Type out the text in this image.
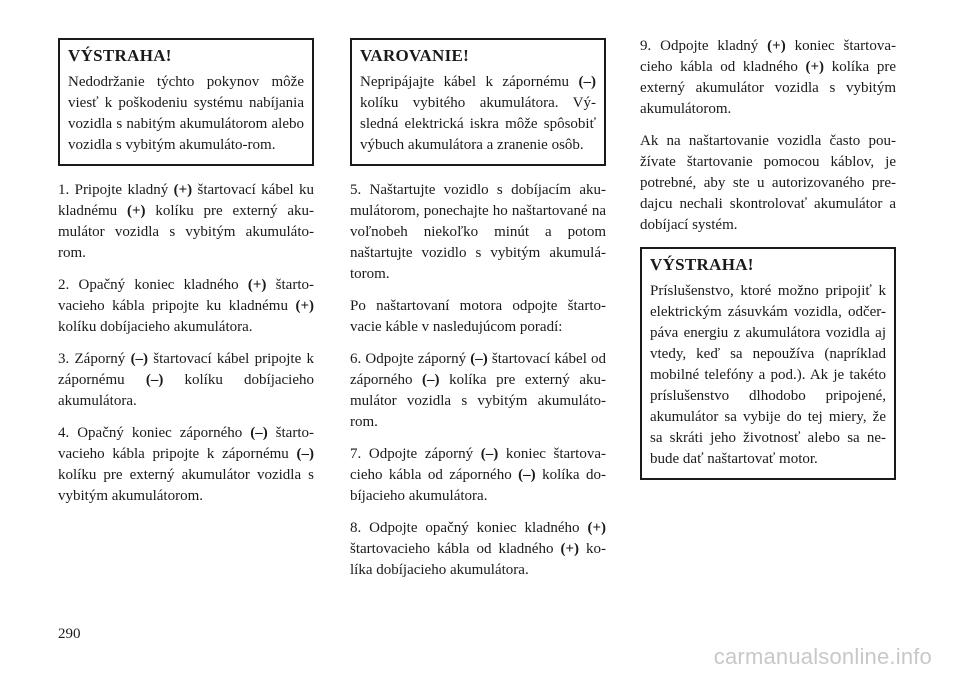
VÝSTRAHA!

Nedodržanie týchto pokynov môže viesť k poškodeniu systému nabíjania vozidla s nabitým akumulátorom alebo vozidla s vybitým akumuláto-rom.

1. Pripojte kladný (+) štartovací kábel ku kladnému (+) kolíku pre externý aku-mulátor vozidla s vybitým akumuláto-rom.

2. Opačný koniec kladného (+) štarto-vacieho kábla pripojte ku kladnému (+) kolíku dobíjacieho akumulátora.

3. Záporný (–) štartovací kábel pripojte k zápornému (–) kolíku dobíjacieho akumulátora.

4. Opačný koniec záporného (–) štarto-vacieho kábla pripojte k zápornému (–) kolíku pre externý akumulátor vozidla s vybitým akumulátorom.

VAROVANIE!

Nepripájajte kábel k zápornému (–) kolíku vybitého akumulátora. Vý-sledná elektrická iskra môže spôsobiť výbuch akumulátora a zranenie osôb.

5. Naštartujte vozidlo s dobíjacím aku-mulátorom, ponechajte ho naštartované na voľnobeh niekoľko minút a potom naštartujte vozidlo s vybitým akumulá-torom.

Po naštartovaní motora odpojte štarto-vacie káble v nasledujúcom poradí:

6. Odpojte záporný (–) štartovací kábel od záporného (–) kolíka pre externý aku-mulátor vozidla s vybitým akumuláto-rom.

7. Odpojte záporný (–) koniec štartova-cieho kábla od záporného (–) kolíka do-bíjacieho akumulátora.

8. Odpojte opačný koniec kladného (+) štartovacieho kábla od kladného (+) ko-líka dobíjacieho akumulátora.

9. Odpojte kladný (+) koniec štartova-cieho kábla od kladného (+) kolíka pre externý akumulátor vozidla s vybitým akumulátorom.

Ak na naštartovanie vozidla často pou-žívate štartovanie pomocou káblov, je potrebné, aby ste u autorizovaného pre-dajcu nechali skontrolovať akumulátor a dobíjací systém.

VÝSTRAHA!

Príslušenstvo, ktoré možno pripojiť k elektrickým zásuvkám vozidla, odčer-páva energiu z akumulátora vozidla aj vtedy, keď sa nepoužíva (napríklad mobilné telefóny a pod.). Ak je takéto príslušenstvo dlhodobo pripojené, akumulátor sa vybije do tej miery, že sa skráti jeho životnosť alebo sa ne-bude dať naštartovať motor.

290
carmanualsonline.info
